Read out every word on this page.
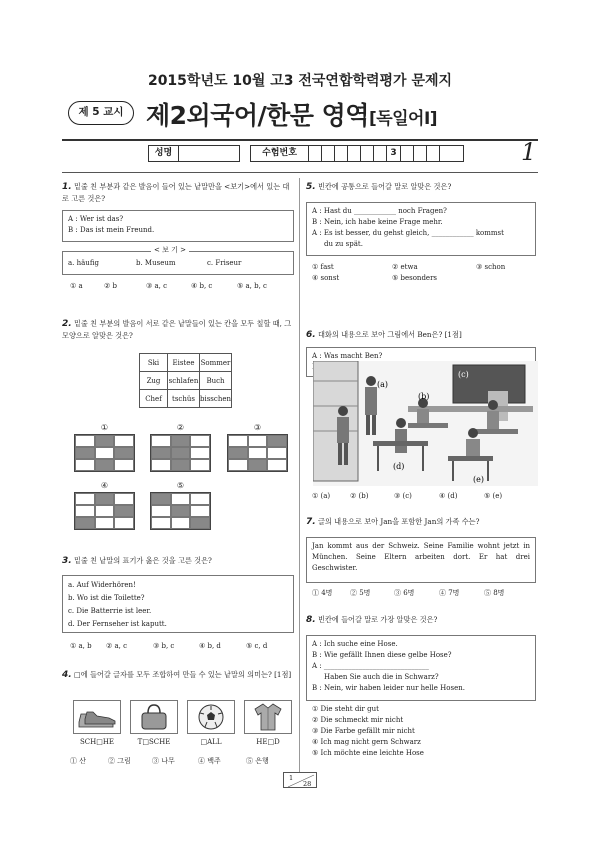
2015학년도 10월 고3 전국연합학력평가 문제지
제 5 교시 제2외국어/한문 영역[독일어Ⅰ]
성명	수험번호	3	1
1. 밑줄 친 부분과 같은 발음이 들어 있는 낱말만을 <보기>에서 있는 대로 고른 것은?
A : Wer ist das?
B : Das ist mein Freund.
< 보 기 >
a. häufig	b. Museum	c. Friseur
① a	② b	③ a, c	④ b, c	⑤ a, b, c
2. 밑줄 친 부분의 발음이 서로 같은 낱말들이 있는 칸을 모두 칠할 때, 그 모양으로 알맞은 것은?
Ski	Eistee	Sommer
Zug	schlafen	Buch
Chef	tschüs	bisschen
①	②	③
④	⑤
3. 밑줄 친 낱말의 표기가 옳은 것을 고른 것은?
a. Auf Widerhören!
b. Wo ist die Toilette?
c. Die Batterrie ist leer.
d. Der Fernseher ist kaputt.
① a, b	② a, c	③ b, c	④ b, d	⑤ c, d
4. □에 들어갈 글자를 모두 조합하여 만들 수 있는 낱말의 의미는? [1점]
SCH□HE	T□SCHE	□ALL	HE□D
① 산	② 그림	③ 나무	④ 백주	⑤ 은행
5. 빈칸에 공통으로 들어갈 말로 알맞은 것은?
A : Hast du ____________ noch Fragen?
B : Nein, ich habe keine Frage mehr.
A : Es ist besser, du gehst gleich, ____________ kommst
du zu spät.
① fast	② etwa	③ schon
④ sonst	⑤ besonders
6. 대화의 내용으로 보아 그림에서 Ben은? [1점]
A : Was macht Ben?
(a)
(b)
(c)
(d)
(e)
① (a)	② (b)	③ (c)	④ (d)	⑤ (e)
7. 글의 내용으로 보아 Jan을 포함한 Jan의 가족 수는?
Jan kommt aus der Schweiz. Seine Familie wohnt jetzt in München. Seine Eltern arbeiten dort. Er hat drei Geschwister.
① 4명	② 5명	③ 6명	④ 7명	⑤ 8명
8. 빈칸에 들어갈 말로 가장 알맞은 것은?
A : Ich suche eine Hose.
B : Wie gefällt Ihnen diese gelbe Hose?
A : ______________________________
Haben Sie auch die in Schwarz?
B : Nein, wir haben leider nur helle Hosen.
① Die steht dir gut
② Die schmeckt mir nicht
③ Die Farbe gefällt mir nicht
④ Ich mag nicht gern Schwarz
⑤ Ich möchte eine leichte Hose
1
28
